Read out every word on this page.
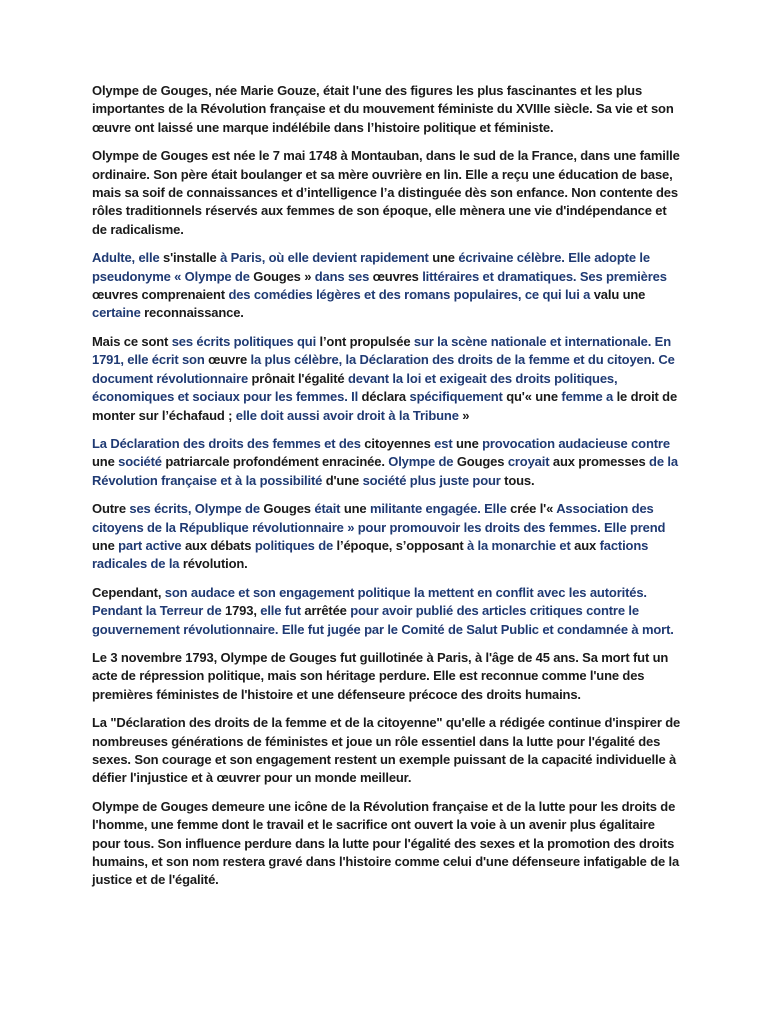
Olympe de Gouges, née Marie Gouze, était l'une des figures les plus fascinantes et les plus importantes de la Révolution française et du mouvement féministe du XVIIIe siècle. Sa vie et son œuvre ont laissé une marque indélébile dans l’histoire politique et féministe.

Olympe de Gouges est née le 7 mai 1748 à Montauban, dans le sud de la France, dans une famille ordinaire. Son père était boulanger et sa mère ouvrière en lin. Elle a reçu une éducation de base, mais sa soif de connaissances et d’intelligence l’a distinguée dès son enfance. Non contente des rôles traditionnels réservés aux femmes de son époque, elle mènera une vie d'indépendance et de radicalisme.

Adulte, elle s'installe à Paris, où elle devient rapidement une écrivaine célèbre. Elle adopte le pseudonyme « Olympe de Gouges » dans ses œuvres littéraires et dramatiques. Ses premières œuvres comprenaient des comédies légères et des romans populaires, ce qui lui a valu une certaine reconnaissance.

Mais ce sont ses écrits politiques qui l’ont propulsée sur la scène nationale et internationale. En 1791, elle écrit son œuvre la plus célèbre, la Déclaration des droits de la femme et du citoyen. Ce document révolutionnaire prônait l'égalité devant la loi et exigeait des droits politiques, économiques et sociaux pour les femmes. Il déclara spécifiquement qu'« une femme a le droit de monter sur l’échafaud ; elle doit aussi avoir droit à la Tribune »

La Déclaration des droits des femmes et des citoyennes est une provocation audacieuse contre une société patriarcale profondément enracinée. Olympe de Gouges croyait aux promesses de la Révolution française et à la possibilité d'une société plus juste pour tous.

Outre ses écrits, Olympe de Gouges était une militante engagée. Elle crée l'« Association des citoyens de la République révolutionnaire » pour promouvoir les droits des femmes. Elle prend une part active aux débats politiques de l’époque, s’opposant à la monarchie et aux factions radicales de la révolution.

Cependant, son audace et son engagement politique la mettent en conflit avec les autorités. Pendant la Terreur de 1793, elle fut arrêtée pour avoir publié des articles critiques contre le gouvernement révolutionnaire. Elle fut jugée par le Comité de Salut Public et condamnée à mort.

Le 3 novembre 1793, Olympe de Gouges fut guillotinée à Paris, à l'âge de 45 ans. Sa mort fut un acte de répression politique, mais son héritage perdure. Elle est reconnue comme l'une des premières féministes de l'histoire et une défenseure précoce des droits humains.

La "Déclaration des droits de la femme et de la citoyenne" qu'elle a rédigée continue d'inspirer de nombreuses générations de féministes et joue un rôle essentiel dans la lutte pour l'égalité des sexes. Son courage et son engagement restent un exemple puissant de la capacité individuelle à défier l'injustice et à œuvrer pour un monde meilleur.

Olympe de Gouges demeure une icône de la Révolution française et de la lutte pour les droits de l'homme, une femme dont le travail et le sacrifice ont ouvert la voie à un avenir plus égalitaire pour tous. Son influence perdure dans la lutte pour l'égalité des sexes et la promotion des droits humains, et son nom restera gravé dans l'histoire comme celui d'une défenseure infatigable de la justice et de l'égalité.
